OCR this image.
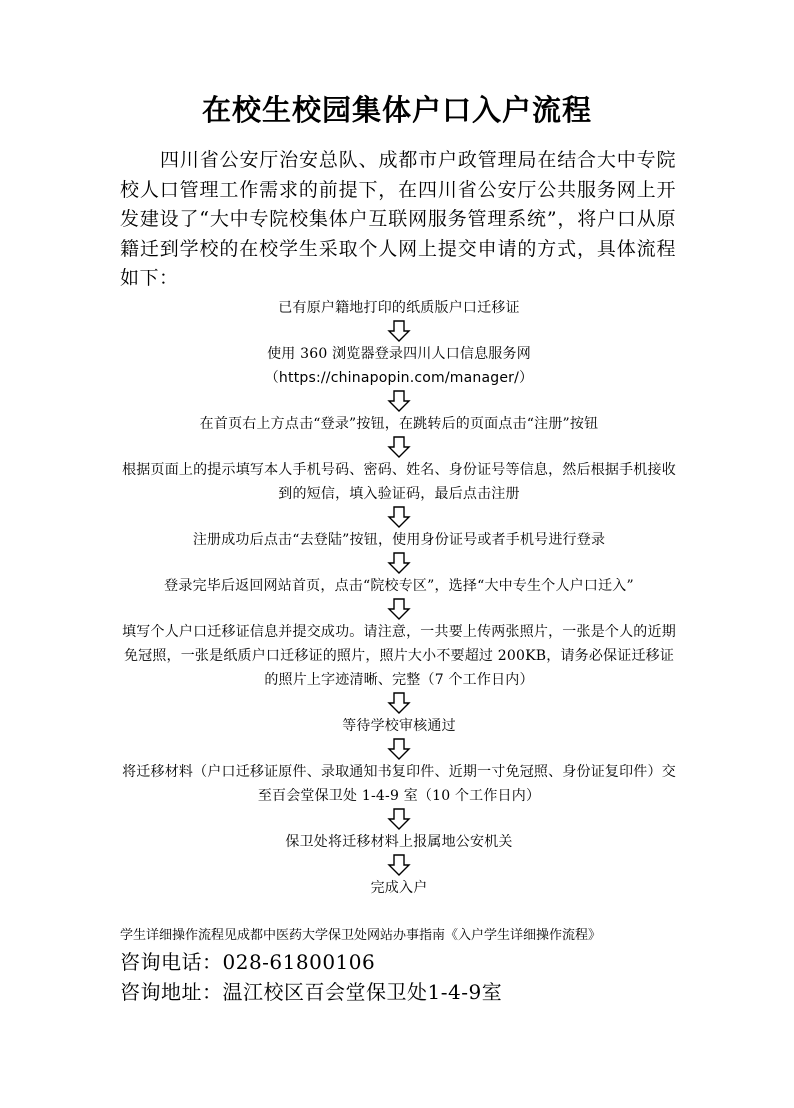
在校生校园集体户口入户流程
四川省公安厅治安总队、成都市户政管理局在结合大中专院校人口管理工作需求的前提下，在四川省公安厅公共服务网上开发建设了“大中专院校集体户互联网服务管理系统”，将户口从原籍迁到学校的在校学生采取个人网上提交申请的方式，具体流程如下：
已有原户籍地打印的纸质版户口迁移证
使用 360 浏览器登录四川人口信息服务网
（https://chinapopin.com/manager/）
在首页右上方点击“登录”按钮，在跳转后的页面点击“注册”按钮
根据页面上的提示填写本人手机号码、密码、姓名、身份证号等信息，然后根据手机接收到的短信，填入验证码，最后点击注册
注册成功后点击“去登陆”按钮，使用身份证号或者手机号进行登录
登录完毕后返回网站首页，点击“院校专区”，选择“大中专生个人户口迁入”
填写个人户口迁移证信息并提交成功。请注意，一共要上传两张照片，一张是个人的近期免冠照，一张是纸质户口迁移证的照片，照片大小不要超过 200KB，请务必保证迁移证的照片上字迹清晰、完整（7 个工作日内）
等待学校审核通过
将迁移材料（户口迁移证原件、录取通知书复印件、近期一寸免冠照、身份证复印件）交至百会堂保卫处 1-4-9 室（10 个工作日内）
保卫处将迁移材料上报属地公安机关
完成入户
学生详细操作流程见成都中医药大学保卫处网站办事指南《入户学生详细操作流程》
咨询电话：028-61800106
咨询地址：温江校区百会堂保卫处1-4-9室
